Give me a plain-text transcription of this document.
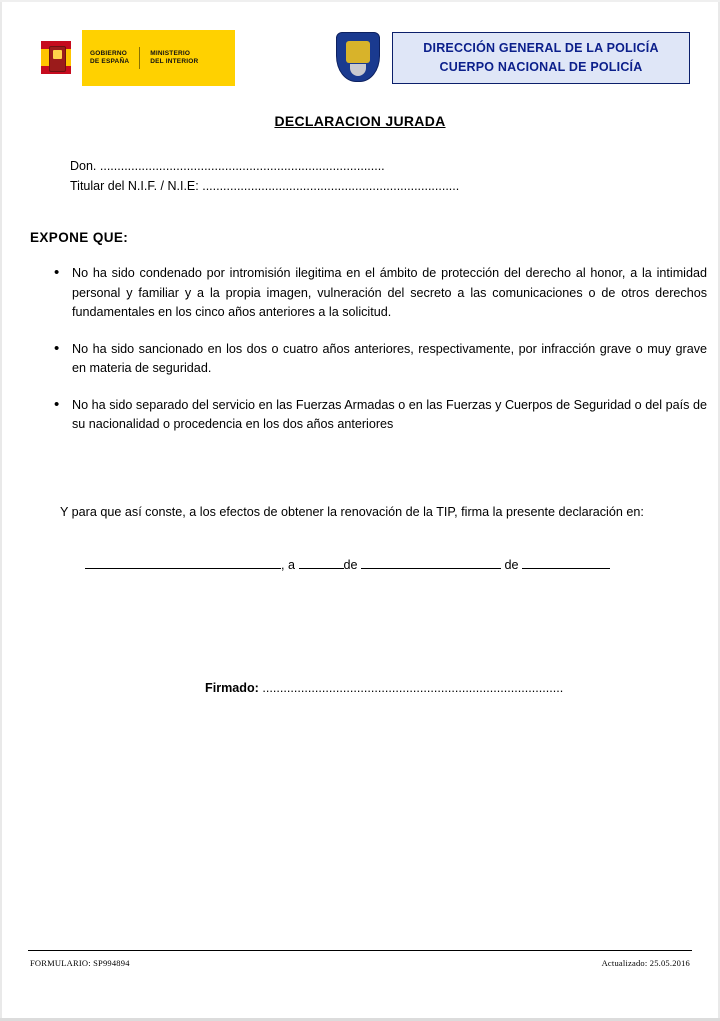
GOBIERNO
DE ESPAÑA
MINISTERIO
DEL INTERIOR
DIRECCIÓN GENERAL DE LA POLICÍA
CUERPO NACIONAL DE POLICÍA
DECLARACION JURADA
Don. ..................................................................................
Titular del N.I.F. / N.I.E: ..........................................................................
EXPONE QUE:
• No ha sido condenado por intromisión ilegitima en el ámbito de protección del derecho al honor, a la intimidad personal y familiar y a la propia imagen, vulneración del secreto a las comunicaciones o de otros derechos fundamentales en los cinco años anteriores a la solicitud.
• No ha sido sancionado en los dos o cuatro años anteriores, respectivamente, por infracción grave o muy grave en materia de seguridad.
• No ha sido separado del servicio en las Fuerzas Armadas o en las Fuerzas y Cuerpos de Seguridad o del país de su nacionalidad o procedencia en los dos años anteriores
Y para que así conste, a los efectos de obtener la renovación de la TIP, firma la presente declaración en:
, a	de	de
Firmado: ......................................................................................
FORMULARIO: SP994894	Actualizado: 25.05.2016
